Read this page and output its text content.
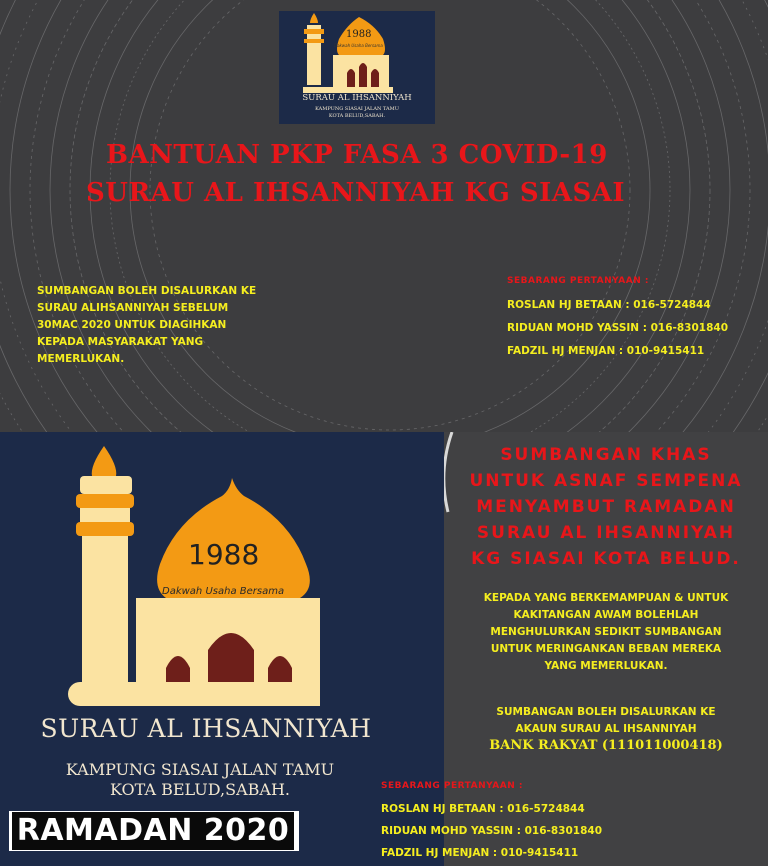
1988
Dakwah Usaha Bersama
SURAU AL IHSANNIYAH
KAMPUNG SIASAI JALAN TAMU
KOTA BELUD,SABAH.
BANTUAN PKP FASA 3 COVID-19
SURAU AL IHSANNIYAH KG SIASAI
SUMBANGAN BOLEH DISALURKAN KE
SURAU ALIHSANNIYAH SEBELUM
30MAC 2020 UNTUK DIAGIHKAN
KEPADA MASYARAKAT YANG
MEMERLUKAN.
SEBARANG PERTANYAAN :
ROSLAN HJ BETAAN : 016-5724844
RIDUAN MOHD YASSIN : 016-8301840
FADZIL HJ MENJAN : 010-9415411
1988
Dakwah Usaha Bersama
SURAU AL IHSANNIYAH
KAMPUNG SIASAI JALAN TAMU
KOTA BELUD,SABAH.
RAMADAN 2020
SUMBANGAN KHAS
UNTUK ASNAF SEMPENA
MENYAMBUT RAMADAN
SURAU AL IHSANNIYAH
KG SIASAI KOTA BELUD.
KEPADA YANG BERKEMAMPUAN & UNTUK
KAKITANGAN AWAM BOLEHLAH
MENGHULURKAN SEDIKIT SUMBANGAN
UNTUK MERINGANKAN BEBAN MEREKA
YANG MEMERLUKAN.
SUMBANGAN BOLEH DISALURKAN KE
AKAUN SURAU AL IHSANNIYAH
BANK RAKYAT (111011000418)
SEBARANG PERTANYAAN :
ROSLAN HJ BETAAN : 016-5724844
RIDUAN MOHD YASSIN : 016-8301840
FADZIL HJ MENJAN : 010-9415411
